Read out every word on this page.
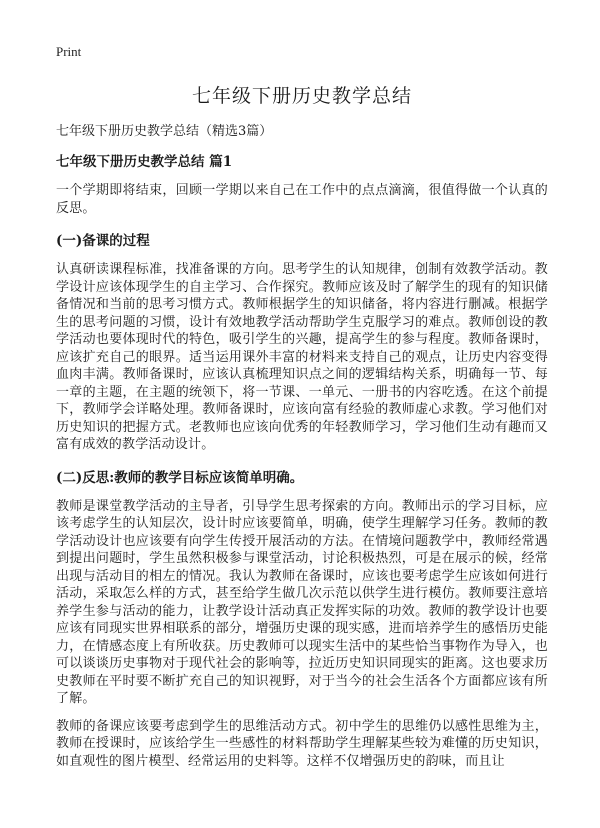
Print
七年级下册历史教学总结

七年级下册历史教学总结（精选3篇）

七年级下册历史教学总结 篇1

一个学期即将结束，回顾一学期以来自己在工作中的点点滴滴，很值得做一个认真的反思。

(一)备课的过程

认真研读课程标准，找准备课的方向。思考学生的认知规律，创制有效教学活动。教学设计应该体现学生的自主学习、合作探究。教师应该及时了解学生的现有的知识储备情况和当前的思考习惯方式。教师根据学生的知识储备，将内容进行删减。根据学生的思考问题的习惯，设计有效地教学活动帮助学生克服学习的难点。教师创设的教学活动也要体现时代的特色，吸引学生的兴趣，提高学生的参与程度。教师备课时，应该扩充自己的眼界。适当运用课外丰富的材料来支持自己的观点，让历史内容变得血肉丰满。教师备课时，应该认真梳理知识点之间的逻辑结构关系，明确每一节、每一章的主题，在主题的统领下，将一节课、一单元、一册书的内容吃透。在这个前提下，教师学会详略处理。教师备课时，应该向富有经验的教师虚心求教。学习他们对历史知识的把握方式。老教师也应该向优秀的年轻教师学习，学习他们生动有趣而又富有成效的教学活动设计。

(二)反思:教师的教学目标应该简单明确。

教师是课堂教学活动的主导者，引导学生思考探索的方向。教师出示的学习目标，应该考虑学生的认知层次，设计时应该要简单，明确，使学生理解学习任务。教师的教学活动设计也应该要有向学生传授开展活动的方法。在情境问题教学中，教师经常遇到提出问题时，学生虽然积极参与课堂活动，讨论积极热烈，可是在展示的候，经常出现与活动目的相左的情况。我认为教师在备课时，应该也要考虑学生应该如何进行活动，采取怎么样的方式，甚至给学生做几次示范以供学生进行模仿。教师要注意培养学生参与活动的能力，让教学设计活动真正发挥实际的功效。教师的教学设计也要应该有同现实世界相联系的部分，增强历史课的现实感，进而培养学生的感悟历史能力，在情感态度上有所收获。历史教师可以现实生活中的某些恰当事物作为导入，也可以谈谈历史事物对于现代社会的影响等，拉近历史知识同现实的距离。这也要求历史教师在平时要不断扩充自己的知识视野，对于当今的社会生活各个方面都应该有所了解。

教师的备课应该要考虑到学生的思维活动方式。初中学生的思维仍以感性思维为主，教师在授课时，应该给学生一些感性的材料帮助学生理解某些较为难懂的历史知识，如直观性的图片模型、经常运用的史料等。这样不仅增强历史的韵味，而且让
